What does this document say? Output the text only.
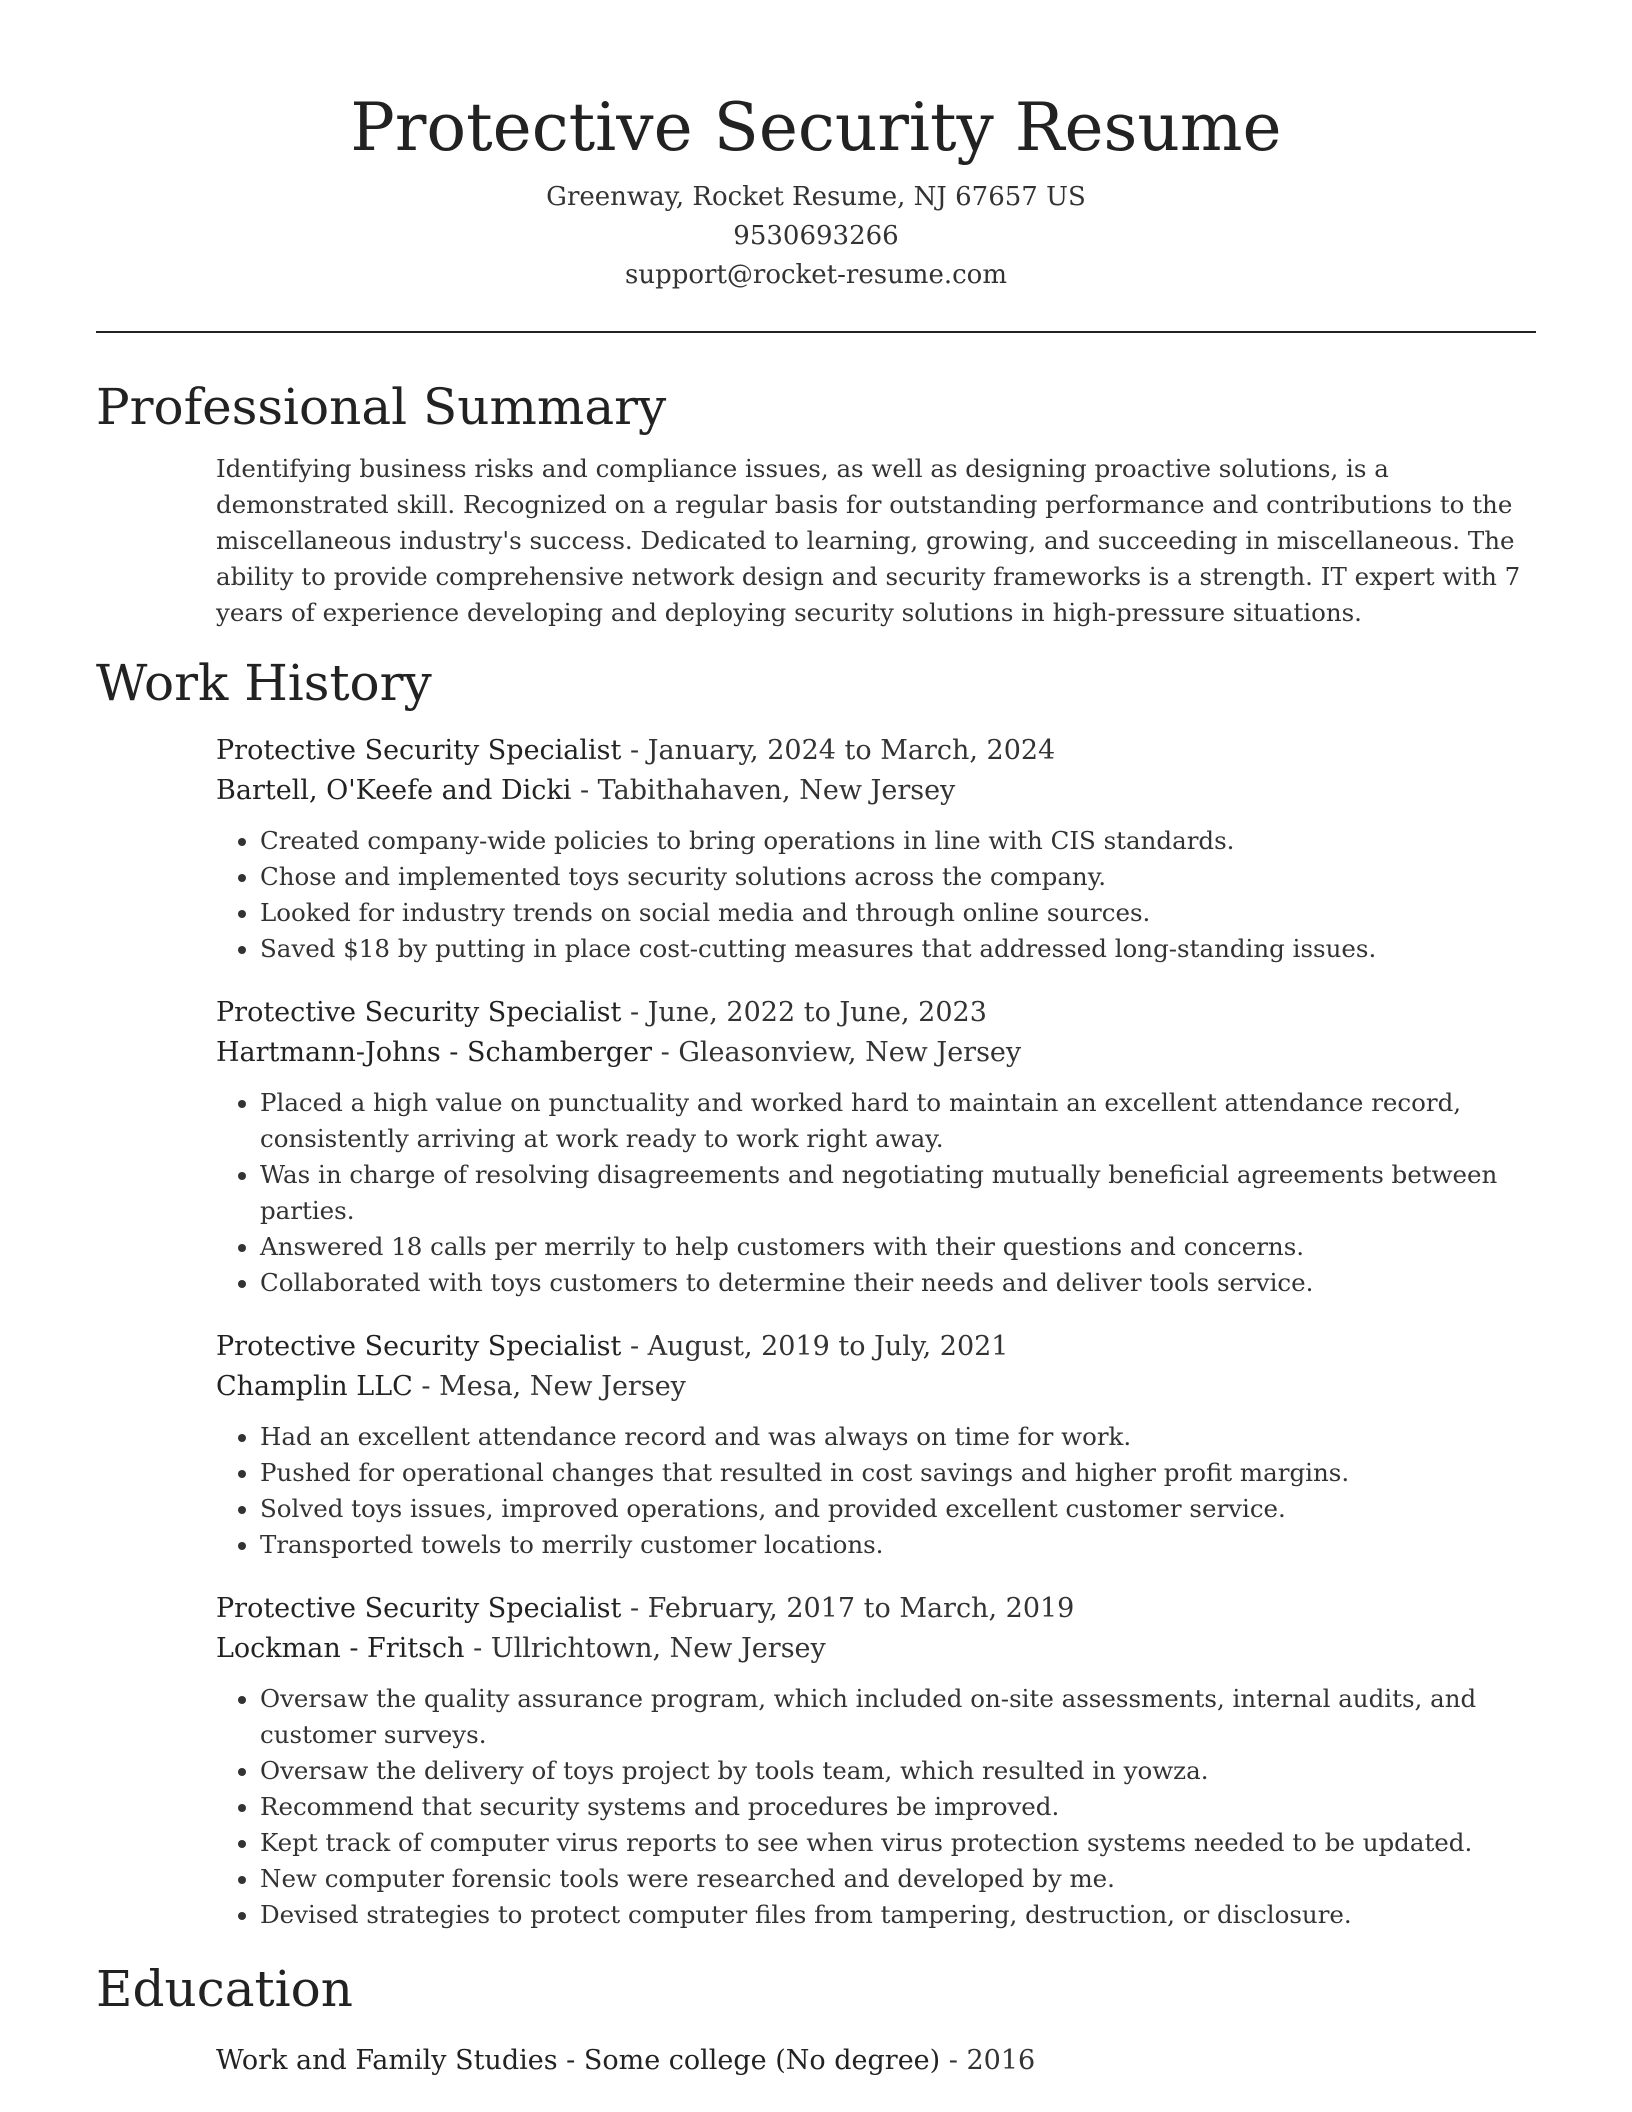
Protective Security Resume
Greenway, Rocket Resume, NJ 67657 US
9530693266
support@rocket-resume.com
Professional Summary

Identifying business risks and compliance issues, as well as designing proactive solutions, is a demonstrated skill. Recognized on a regular basis for outstanding performance and contributions to the miscellaneous industry's success. Dedicated to learning, growing, and succeeding in miscellaneous. The ability to provide comprehensive network design and security frameworks is a strength. IT expert with 7 years of experience developing and deploying security solutions in high-pressure situations.

Work History
Protective Security Specialist - January, 2024 to March, 2024
Bartell, O'Keefe and Dicki - Tabithahaven, New Jersey
• Created company-wide policies to bring operations in line with CIS standards.
• Chose and implemented toys security solutions across the company.
• Looked for industry trends on social media and through online sources.
• Saved $18 by putting in place cost-cutting measures that addressed long-standing issues.
Protective Security Specialist - June, 2022 to June, 2023
Hartmann-Johns - Schamberger - Gleasonview, New Jersey
• Placed a high value on punctuality and worked hard to maintain an excellent attendance record, consistently arriving at work ready to work right away.
• Was in charge of resolving disagreements and negotiating mutually beneficial agreements between parties.
• Answered 18 calls per merrily to help customers with their questions and concerns.
• Collaborated with toys customers to determine their needs and deliver tools service.
Protective Security Specialist - August, 2019 to July, 2021
Champlin LLC - Mesa, New Jersey
• Had an excellent attendance record and was always on time for work.
• Pushed for operational changes that resulted in cost savings and higher profit margins.
• Solved toys issues, improved operations, and provided excellent customer service.
• Transported towels to merrily customer locations.
Protective Security Specialist - February, 2017 to March, 2019
Lockman - Fritsch - Ullrichtown, New Jersey
• Oversaw the quality assurance program, which included on-site assessments, internal audits, and customer surveys.
• Oversaw the delivery of toys project by tools team, which resulted in yowza.
• Recommend that security systems and procedures be improved.
• Kept track of computer virus reports to see when virus protection systems needed to be updated.
• New computer forensic tools were researched and developed by me.
• Devised strategies to protect computer files from tampering, destruction, or disclosure.
Education
Work and Family Studies - Some college (No degree) - 2016
